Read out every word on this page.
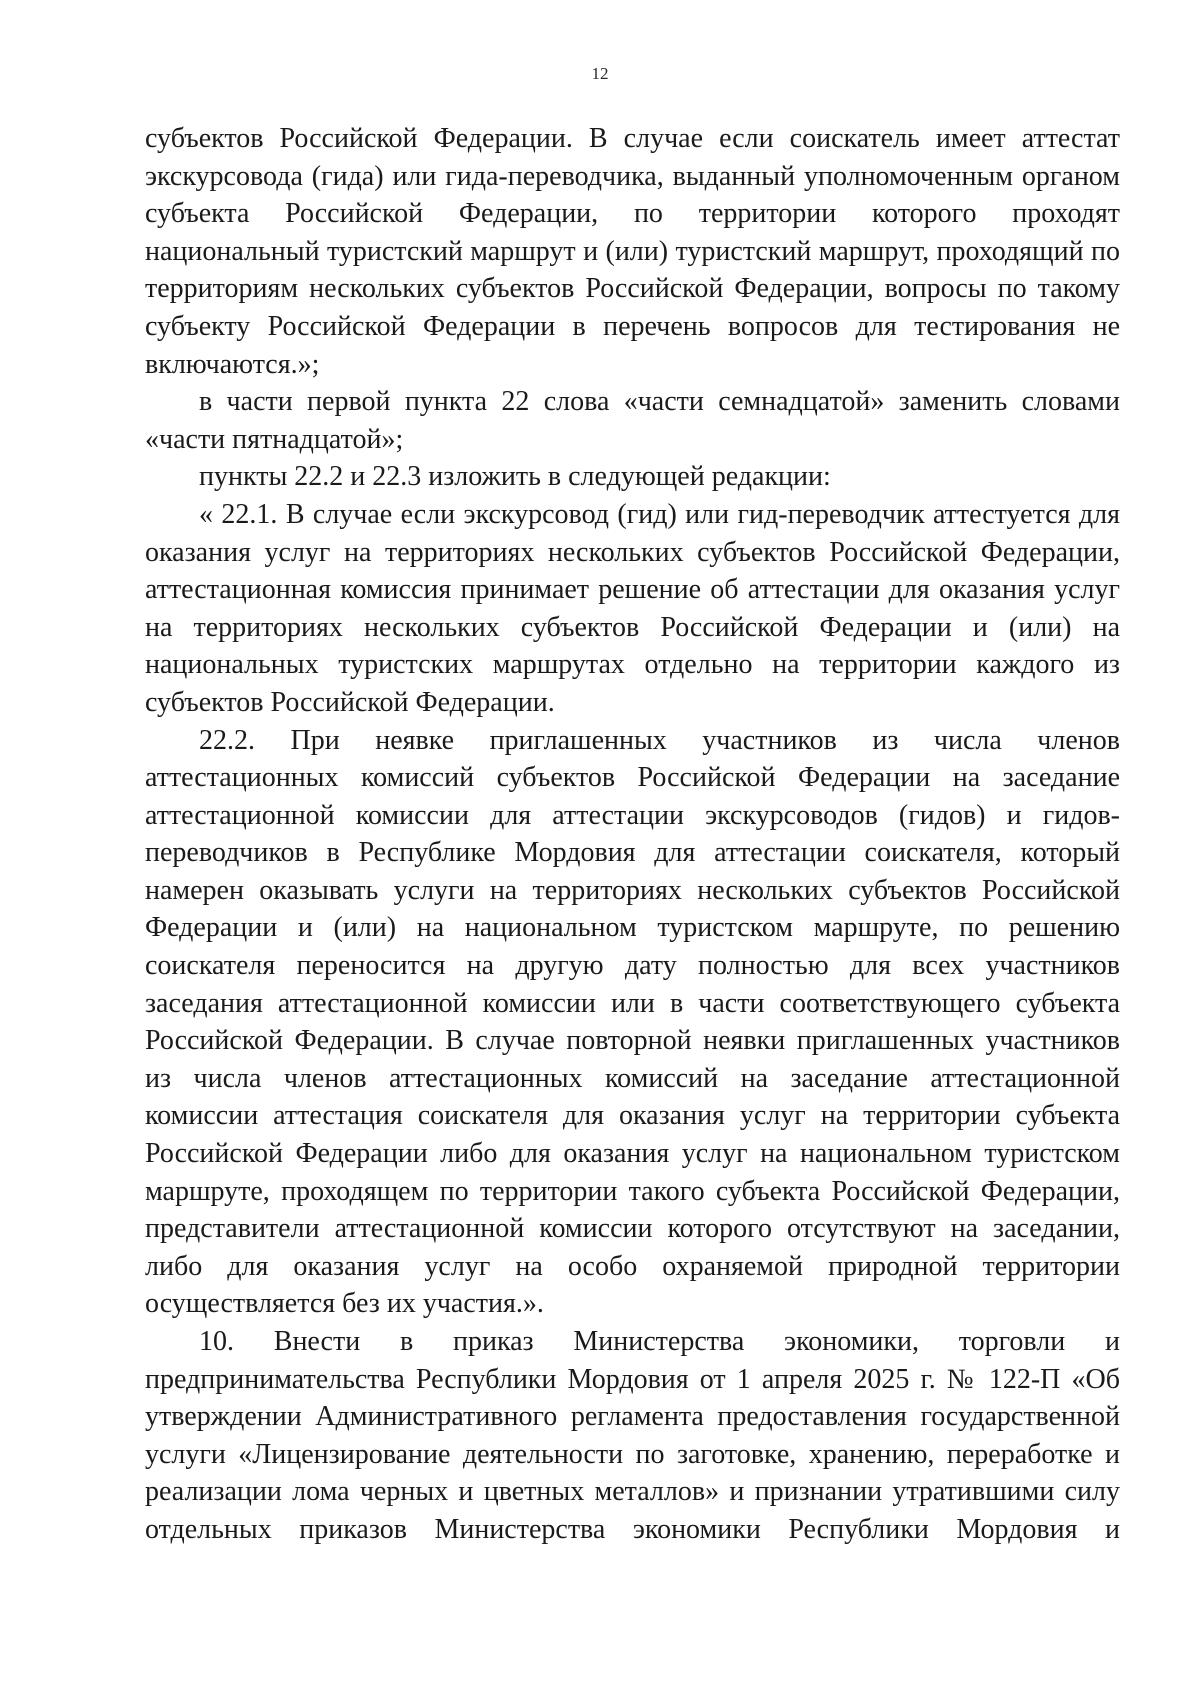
12

субъектов Российской Федерации. В случае если соискатель имеет аттестат экскурсовода (гида) или гида-переводчика, выданный уполномоченным органом субъекта Российской Федерации, по территории которого проходят национальный туристский маршрут и (или) туристский маршрут, проходящий по территориям нескольких субъектов Российской Федерации, вопросы по такому субъекту Российской Федерации в перечень вопросов для тестирования не включаются.»;

в части первой пункта 22 слова «части семнадцатой» заменить словами «части пятнадцатой»;

пункты 22.2 и 22.3 изложить в следующей редакции:

« 22.1. В случае если экскурсовод (гид) или гид-переводчик аттестуется для оказания услуг на территориях нескольких субъектов Российской Федерации, аттестационная комиссия принимает решение об аттестации для оказания услуг на территориях нескольких субъектов Российской Федерации и (или) на национальных туристских маршрутах отдельно на территории каждого из субъектов Российской Федерации.

22.2. При неявке приглашенных участников из числа членов аттестационных комиссий субъектов Российской Федерации на заседание аттестационной комиссии для аттестации экскурсоводов (гидов) и гидов-переводчиков в Республике Мордовия для аттестации соискателя, который намерен оказывать услуги на территориях нескольких субъектов Российской Федерации и (или) на национальном туристском маршруте, по решению соискателя переносится на другую дату полностью для всех участников заседания аттестационной комиссии или в части соответствующего субъекта Российской Федерации. В случае повторной неявки приглашенных участников из числа членов аттестационных комиссий на заседание аттестационной комиссии аттестация соискателя для оказания услуг на территории субъекта Российской Федерации либо для оказания услуг на национальном туристском маршруте, проходящем по территории такого субъекта Российской Федерации, представители аттестационной комиссии которого отсутствуют на заседании, либо для оказания услуг на особо охраняемой природной территории осуществляется без их участия.».

10. Внести в приказ Министерства экономики, торговли и предпринимательства Республики Мордовия от 1 апреля 2025 г. № 122-П «Об утверждении Административного регламента предоставления государственной услуги «Лицензирование деятельности по заготовке, хранению, переработке и реализации лома черных и цветных металлов» и признании утратившими силу отдельных приказов Министерства экономики Республики Мордовия и
